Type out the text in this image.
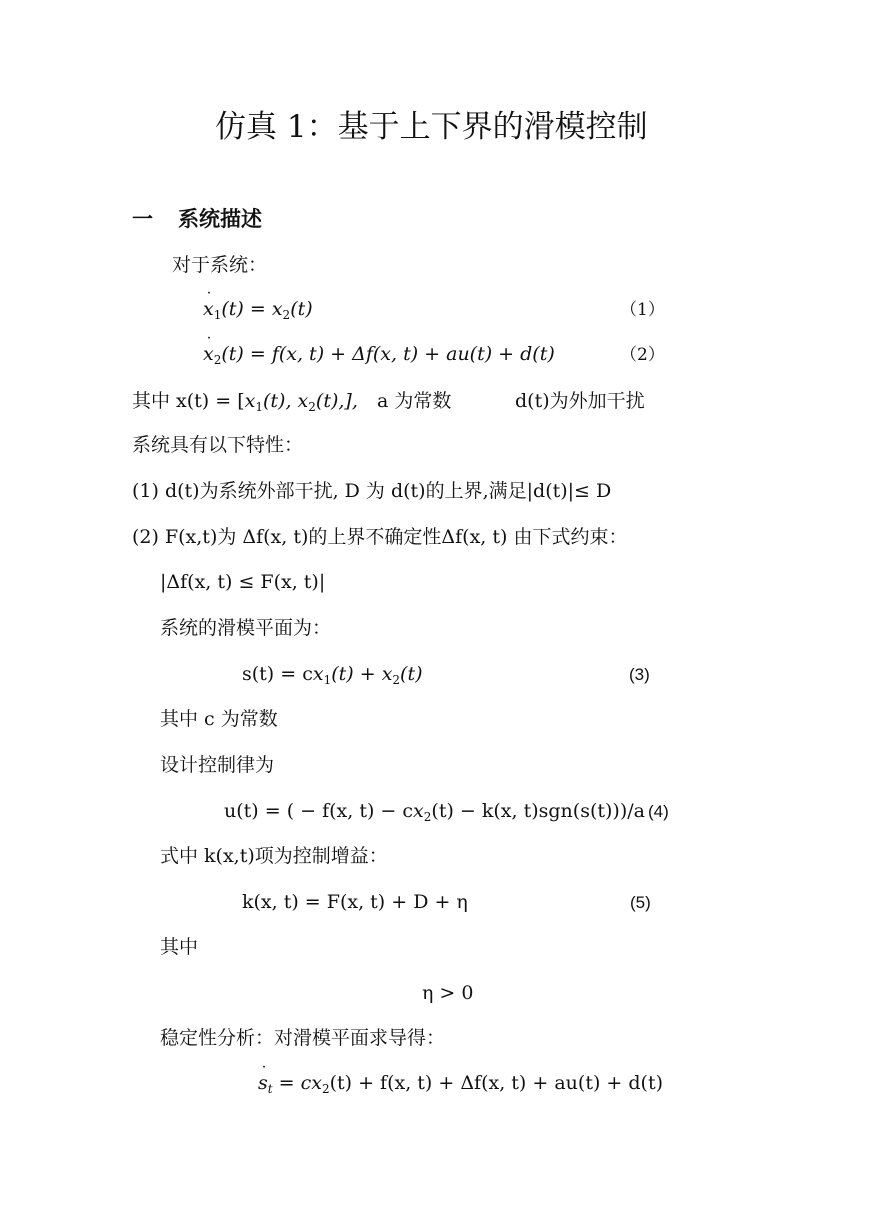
仿真 1：基于上下界的滑模控制
一 系统描述
对于系统：
˙ $x_1(t) = x_2(t)$	（1）
˙ $x_2(t) = f(x$, t) + Δf(x, t) + au(t) + d(t)	（2）
其中 $x(t) = [x_1(t)$, $x_2(t)$,], a 为常数	d(t)为外加干扰
系统具有以下特性：
(1) d(t)为系统外部干扰, D 为 d(t)的上界,满足|d(t)|≤ D
(2) F(x,t)为 Δf(x, t)的上界不确定性Δf(x, t) 由下式约束：
|Δf(x, t) ≤ F(x, t)|
系统的滑模平面为：
$s(t) = cx_1(t) + x_2(t)$	(3)
其中 c 为常数
设计控制律为
u(t) = ( − f(x, $t) - cx_2(t) - k(x$, t)sgn(s(t)))/a (4)
式中 k(x,t)项为控制增益：
k(x, t) = F(x, t) + D + η	(5)
其中
η > 0
稳定性分析：对滑模平面求导得：
˙ $s_t = cx_2(t) + f(x$, t) + Δf(x, t) + au(t) + d(t)
